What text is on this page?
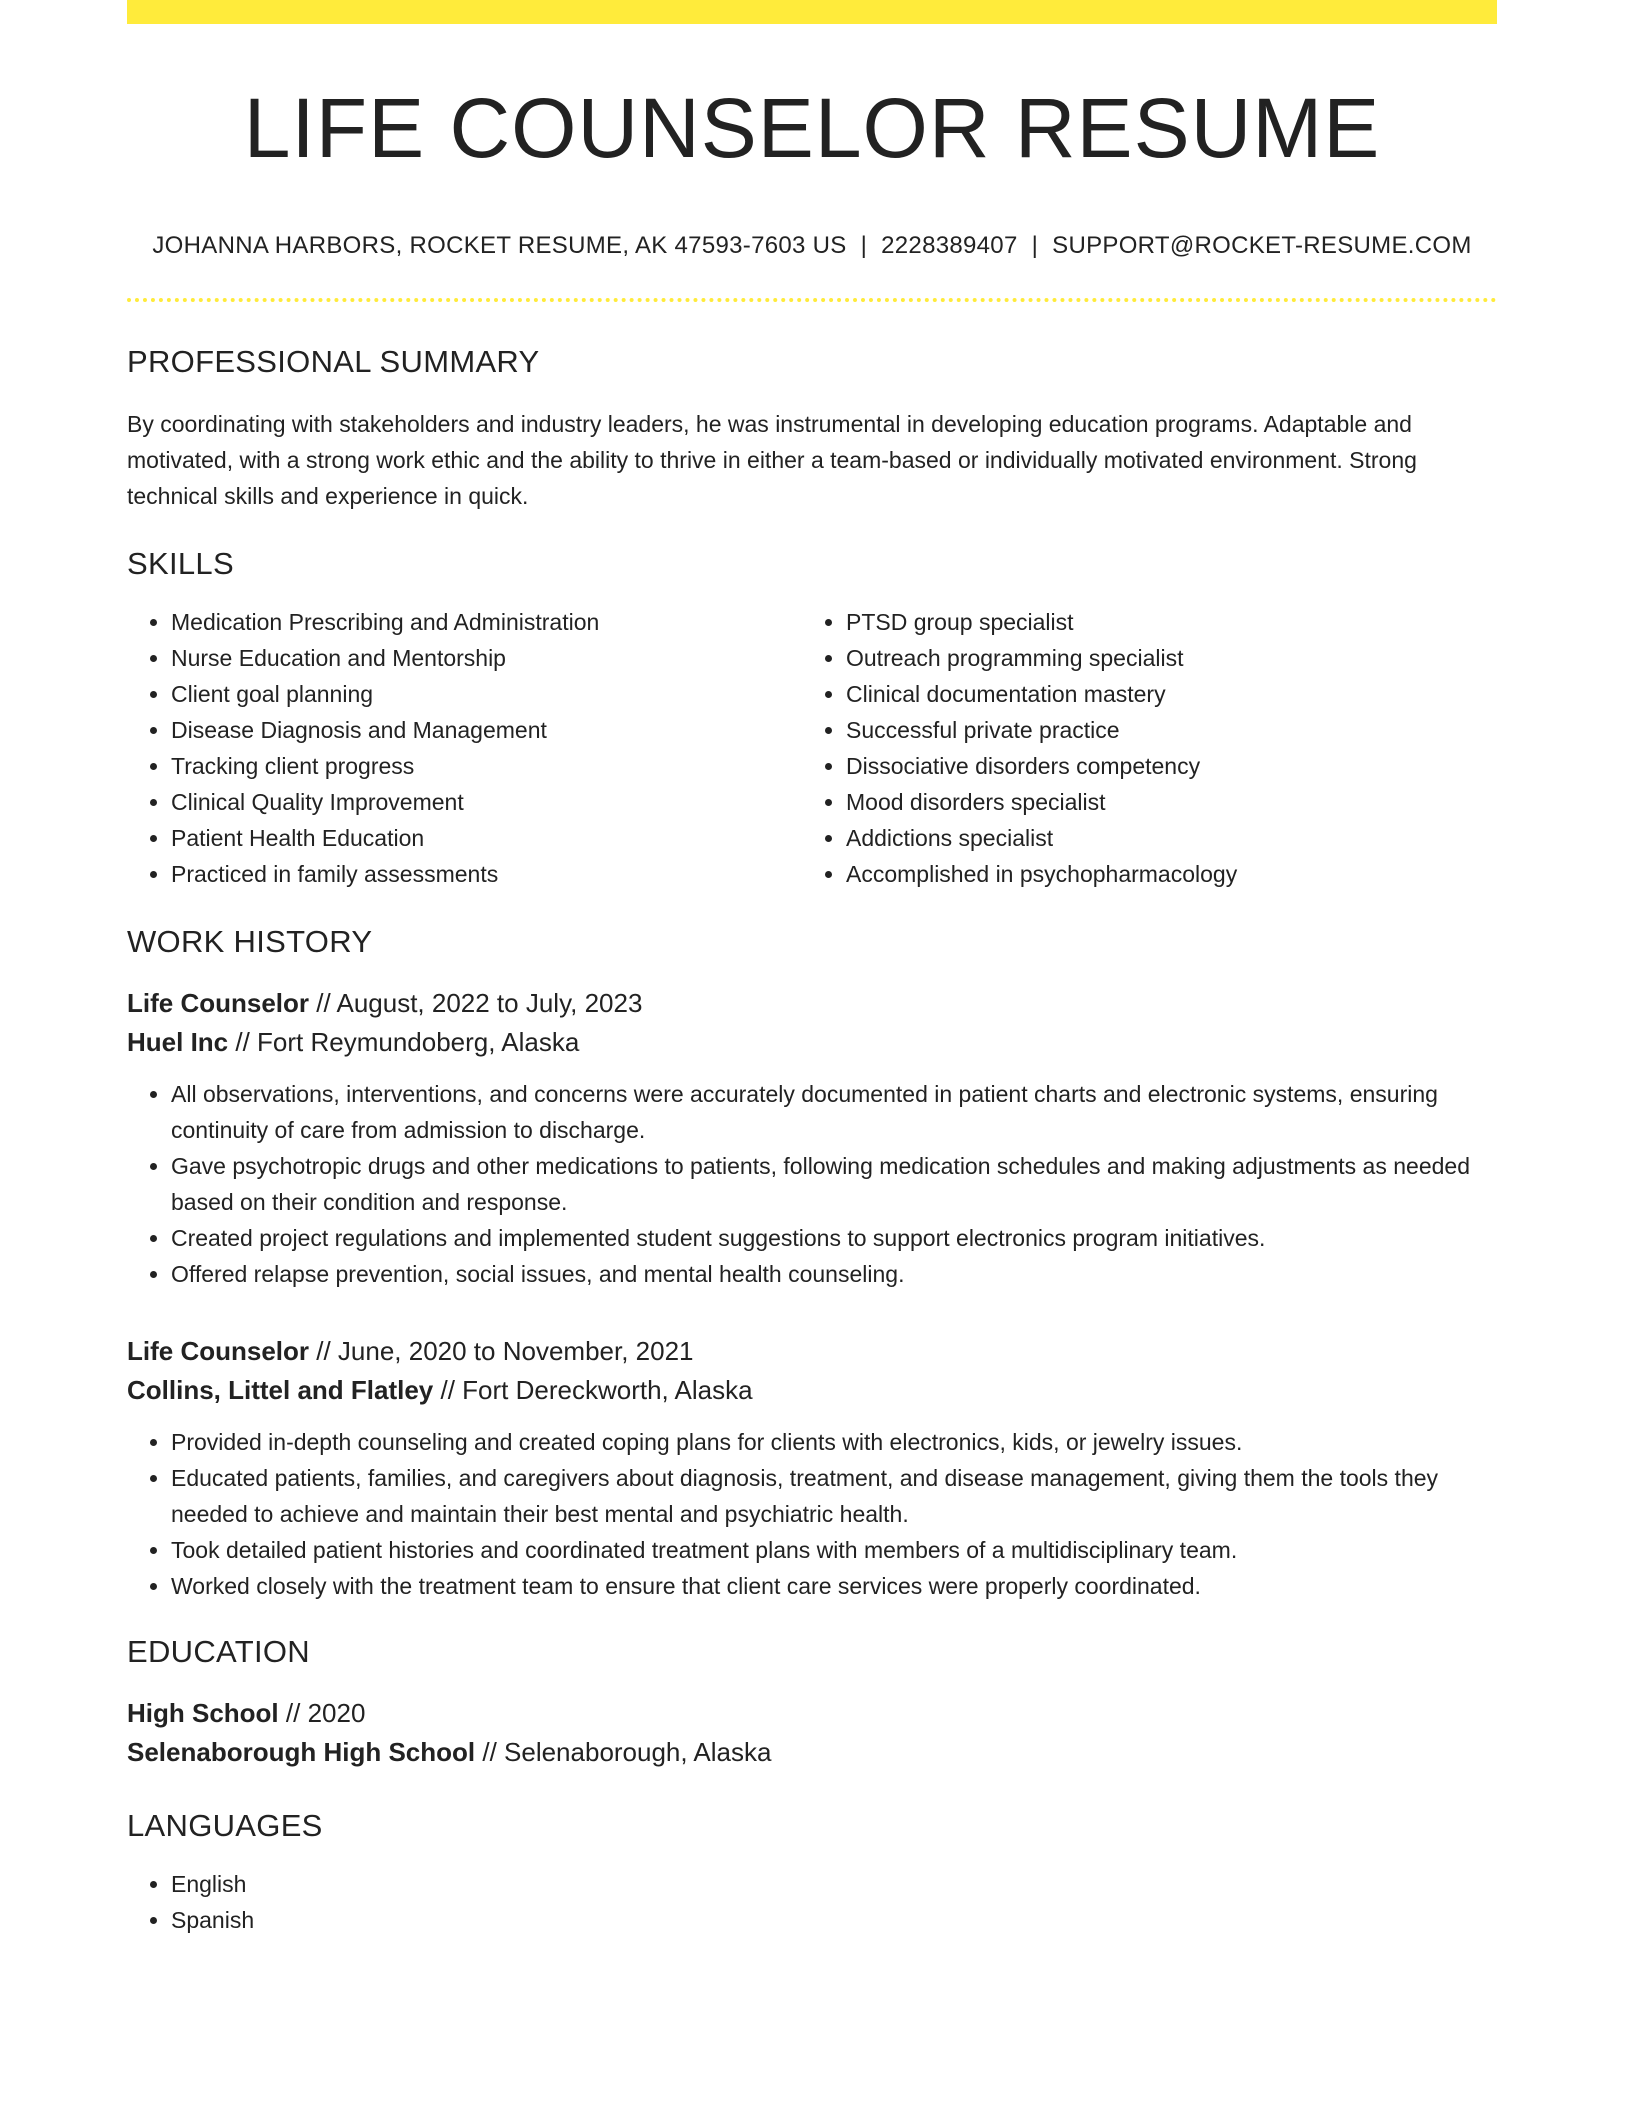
LIFE COUNSELOR RESUME
JOHANNA HARBORS, ROCKET RESUME, AK 47593-7603 US | 2228389407 | SUPPORT@ROCKET-RESUME.COM
PROFESSIONAL SUMMARY
By coordinating with stakeholders and industry leaders, he was instrumental in developing education programs. Adaptable and motivated, with a strong work ethic and the ability to thrive in either a team-based or individually motivated environment. Strong technical skills and experience in quick.
SKILLS
• Medication Prescribing and Administration
• Nurse Education and Mentorship
• Client goal planning
• Disease Diagnosis and Management
• Tracking client progress
• Clinical Quality Improvement
• Patient Health Education
• Practiced in family assessments
• PTSD group specialist
• Outreach programming specialist
• Clinical documentation mastery
• Successful private practice
• Dissociative disorders competency
• Mood disorders specialist
• Addictions specialist
• Accomplished in psychopharmacology
WORK HISTORY
Life Counselor // August, 2022 to July, 2023
Huel Inc // Fort Reymundoberg, Alaska
• All observations, interventions, and concerns were accurately documented in patient charts and electronic systems, ensuring continuity of care from admission to discharge.
• Gave psychotropic drugs and other medications to patients, following medication schedules and making adjustments as needed based on their condition and response.
• Created project regulations and implemented student suggestions to support electronics program initiatives.
• Offered relapse prevention, social issues, and mental health counseling.
Life Counselor // June, 2020 to November, 2021
Collins, Littel and Flatley // Fort Dereckworth, Alaska
• Provided in-depth counseling and created coping plans for clients with electronics, kids, or jewelry issues.
• Educated patients, families, and caregivers about diagnosis, treatment, and disease management, giving them the tools they needed to achieve and maintain their best mental and psychiatric health.
• Took detailed patient histories and coordinated treatment plans with members of a multidisciplinary team.
• Worked closely with the treatment team to ensure that client care services were properly coordinated.
EDUCATION
High School // 2020
Selenaborough High School // Selenaborough, Alaska
LANGUAGES
• English
• Spanish
